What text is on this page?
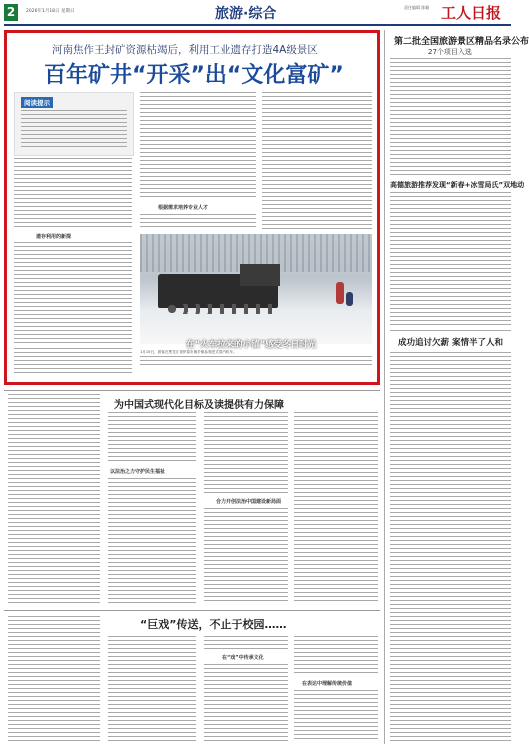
2	2026年1月18日 星期日	旅游·综合	责任编辑 陈颖 工人日报
河南焦作王封矿资源枯竭后，利用工业遗存打造4A级景区
百年矿井“开采”出“文化富矿”
阅读提示
遗存利用的新探
根据需求培养专业人才
在“火车拉来的小镇”感受冬日时光
1月15日，游客在黑龙江省伊春市朗乡镇参观老式蒸汽机车。
第二批全国旅游景区精品名录公布
27个项目入选
高德旅游推荐发现“新春+冰雪局氏”双地动
成功追讨欠薪 案情半了人和
为中国式现代化目标及读提供有力保障
以法治之力守护民生福祉
合力开创法治中国建设新局面
“巨戏”传送，不止于校园……
在“戏”中传承文化
在表达中理解传统价值
